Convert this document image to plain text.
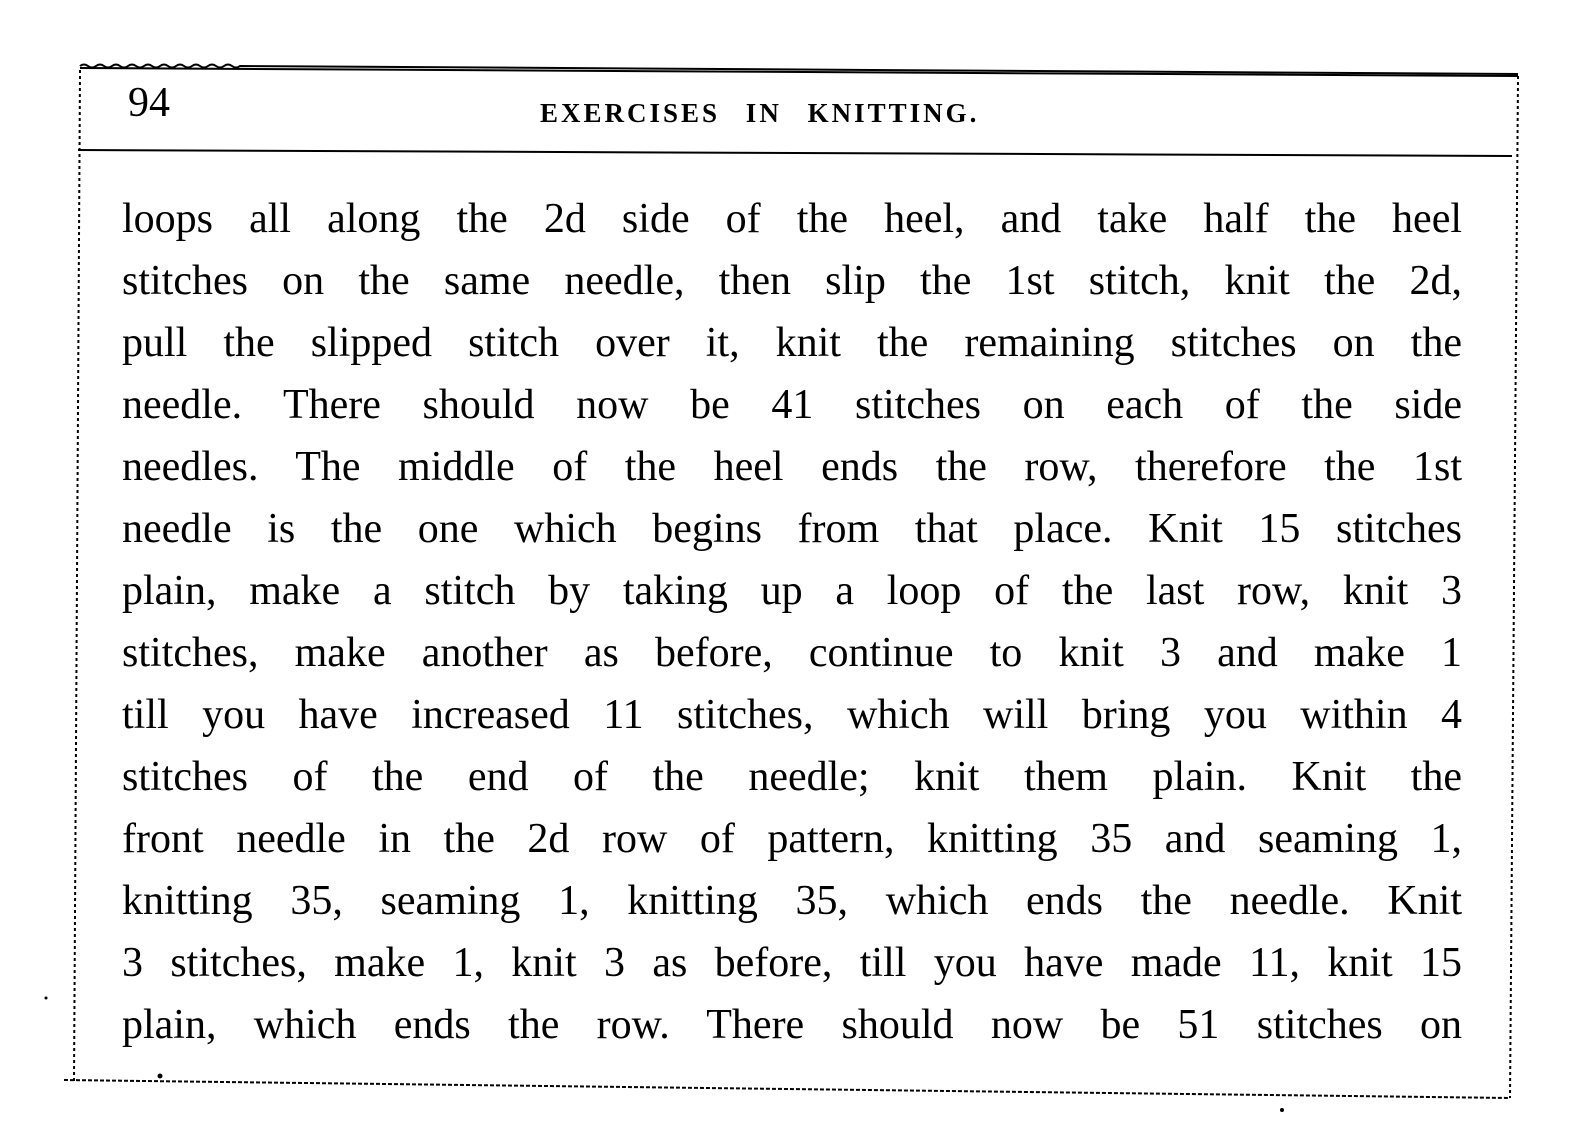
94	EXERCISES IN KNITTING.
loops all along the 2d side of the heel, and take half the heel
stitches on the same needle, then slip the 1st stitch, knit the 2d,
pull the slipped stitch over it, knit the remaining stitches on the
needle. There should now be 41 stitches on each of the side
needles. The middle of the heel ends the row, therefore the 1st
needle is the one which begins from that place. Knit 15 stitches
plain, make a stitch by taking up a loop of the last row, knit 3
stitches, make another as before, continue to knit 3 and make 1
till you have increased 11 stitches, which will bring you within 4
stitches of the end of the needle; knit them plain. Knit the
front needle in the 2d row of pattern, knitting 35 and seaming 1,
knitting 35, seaming 1, knitting 35, which ends the needle. Knit
3 stitches, make 1, knit 3 as before, till you have made 11, knit 15
plain, which ends the row. There should now be 51 stitches on
